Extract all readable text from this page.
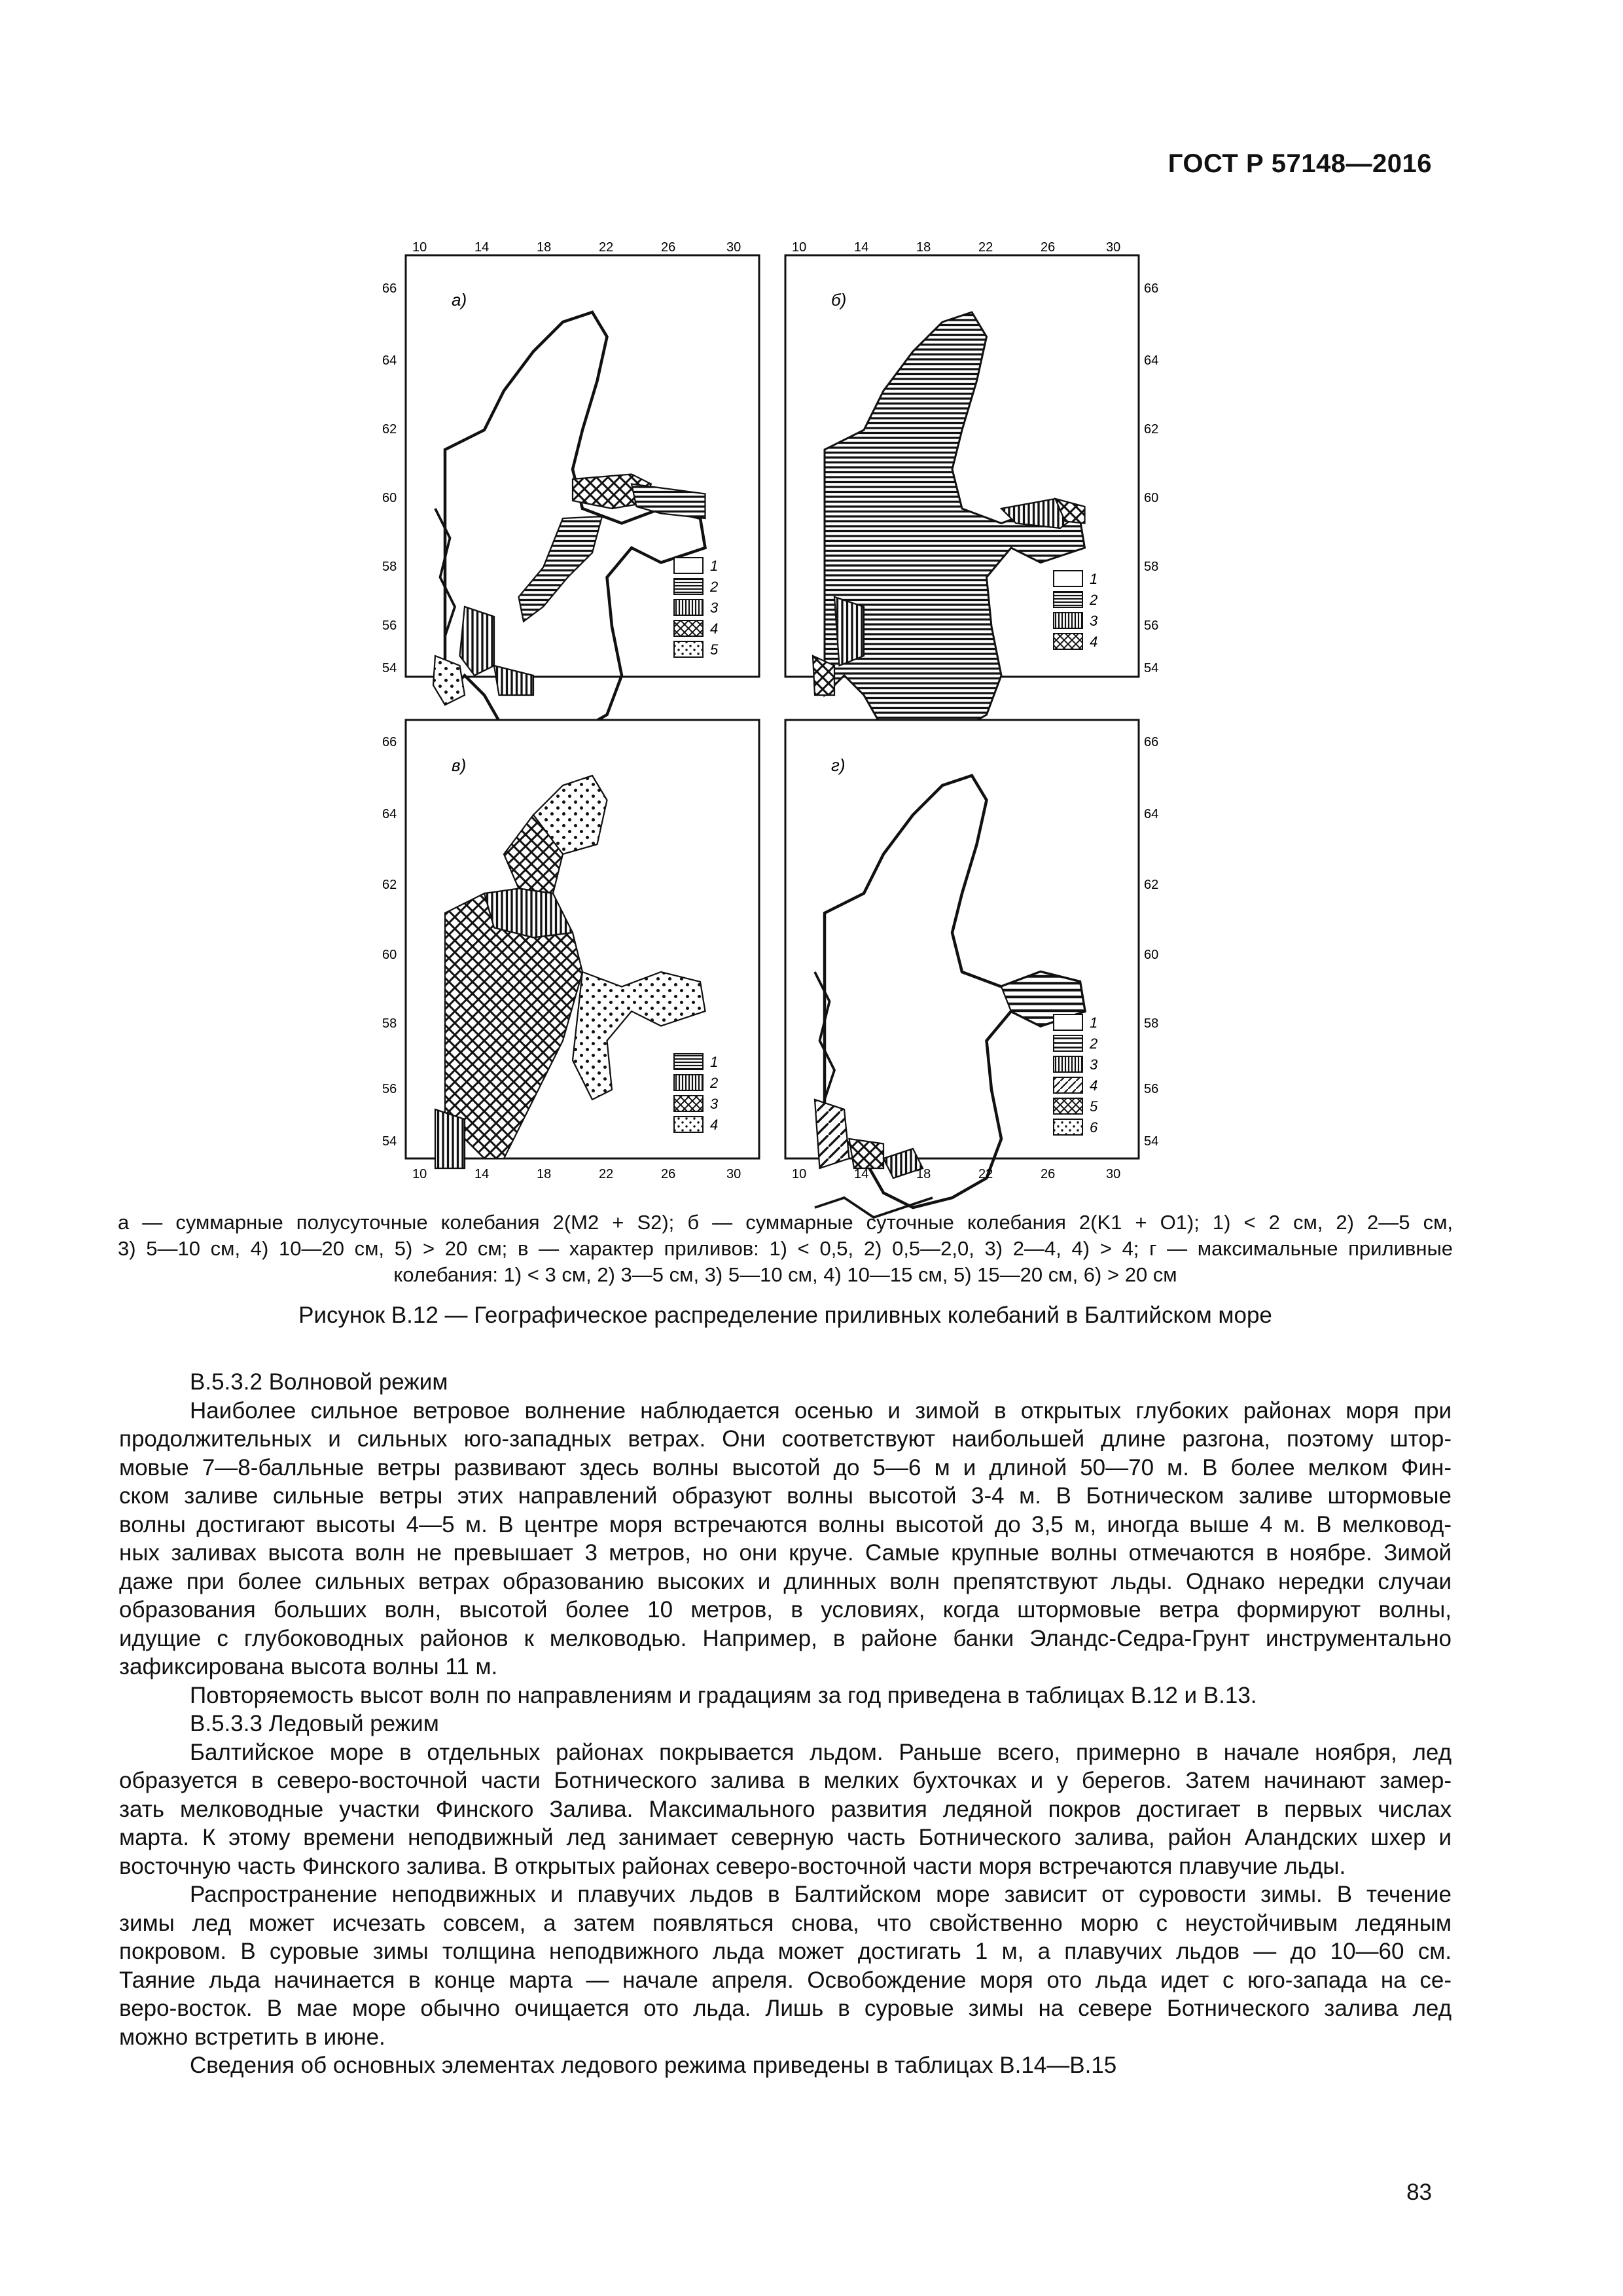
ГОСТ Р 57148—2016
а)
10	14	18	22	26	30
66
64
62
60
58
56
54
1
2
3
4
5
б)
10	14	18	22	26	30
66
64
62
60
58
56
54
1
2
3
4
в)
10	14	18	22	26	30
66
64
62
60
58
56
54
1
2
3
4
г)
10	14	18	22	26	30
66
64
62
60
58
56
54
1
2
3
4
5
6
а — суммарные полусуточные колебания 2(M2 + S2); б — суммарные суточные колебания 2(K1 + O1); 1) < 2 см, 2) 2—5 см,
3) 5—10 см, 4) 10—20 см, 5) > 20 см; в — характер приливов: 1) < 0,5, 2) 0,5—2,0, 3) 2—4, 4) > 4; г — максимальные приливные
колебания: 1) < 3 см, 2) 3—5 см, 3) 5—10 см, 4) 10—15 см, 5) 15—20 см, 6) > 20 см
Рисунок В.12 — Географическое распределение приливных колебаний в Балтийском море
В.5.3.2 Волновой режим
Наиболее сильное ветровое волнение наблюдается осенью и зимой в открытых глубоких районах моря при
продолжительных и сильных юго-западных ветрах. Они соответствуют наибольшей длине разгона, поэтому штор-
мовые 7—8-балльные ветры развивают здесь волны высотой до 5—6 м и длиной 50—70 м. В более мелком Фин-
ском заливе сильные ветры этих направлений образуют волны высотой 3-4 м. В Ботническом заливе штормовые
волны достигают высоты 4—5 м. В центре моря встречаются волны высотой до 3,5 м, иногда выше 4 м. В мелковод-
ных заливах высота волн не превышает 3 метров, но они круче. Самые крупные волны отмечаются в ноябре. Зимой
даже при более сильных ветрах образованию высоких и длинных волн препятствуют льды. Однако нередки случаи
образования больших волн, высотой более 10 метров, в условиях, когда штормовые ветра формируют волны,
идущие с глубоководных районов к мелководью. Например, в районе банки Эландс-Седра-Грунт инструментально
зафиксирована высота волны 11 м.
Повторяемость высот волн по направлениям и градациям за год приведена в таблицах В.12 и В.13.
В.5.3.3 Ледовый режим
Балтийское море в отдельных районах покрывается льдом. Раньше всего, примерно в начале ноября, лед
образуется в северо-восточной части Ботнического залива в мелких бухточках и у берегов. Затем начинают замер-
зать мелководные участки Финского Залива. Максимального развития ледяной покров достигает в первых числах
марта. К этому времени неподвижный лед занимает северную часть Ботнического залива, район Аландских шхер и
восточную часть Финского залива. В открытых районах северо-восточной части моря встречаются плавучие льды.
Распространение неподвижных и плавучих льдов в Балтийском море зависит от суровости зимы. В течение
зимы лед может исчезать совсем, а затем появляться снова, что свойственно морю с неустойчивым ледяным
покровом. В суровые зимы толщина неподвижного льда может достигать 1 м, а плавучих льдов — до 10—60 см.
Таяние льда начинается в конце марта — начале апреля. Освобождение моря ото льда идет с юго-запада на се-
веро-восток. В мае море обычно очищается ото льда. Лишь в суровые зимы на севере Ботнического залива лед
можно встретить в июне.
Сведения об основных элементах ледового режима приведены в таблицах В.14—В.15
83
